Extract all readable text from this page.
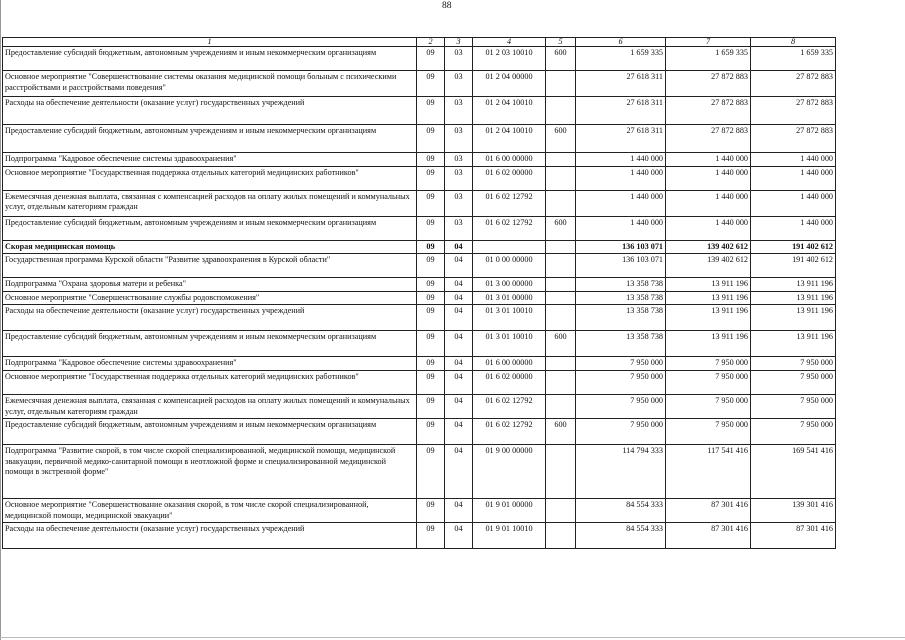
88
1	2	3	4	5	6	7	8
Предоставление субсидий бюджетным, автономным учреждениям и иным некоммерческим организациям	09	03	01 2 03 10010	600	1 659 335	1 659 335	1 659 335
Основное мероприятие "Совершенствование системы оказания медицинской помощи больным с психическими расстройствами и расстройствами поведения"	09	03	01 2 04 00000		27 618 311	27 872 883	27 872 883
Расходы на обеспечение деятельности (оказание услуг) государственных учреждений	09	03	01 2 04 10010		27 618 311	27 872 883	27 872 883
Предоставление субсидий бюджетным, автономным учреждениям и иным некоммерческим организациям	09	03	01 2 04 10010	600	27 618 311	27 872 883	27 872 883
Подпрограмма "Кадровое обеспечение системы здравоохранения"	09	03	01 6 00 00000		1 440 000	1 440 000	1 440 000
Основное мероприятие "Государственная поддержка отдельных категорий медицинских работников"	09	03	01 6 02 00000		1 440 000	1 440 000	1 440 000
Ежемесячная денежная выплата, связанная с компенсацией расходов на оплату жилых помещений и коммунальных услуг, отдельным категориям граждан	09	03	01 6 02 12792		1 440 000	1 440 000	1 440 000
Предоставление субсидий бюджетным, автономным учреждениям и иным некоммерческим организациям	09	03	01 6 02 12792	600	1 440 000	1 440 000	1 440 000
Скорая медицинская помощь	09	04			136 103 071	139 402 612	191 402 612
Государственная программа Курской области "Развитие здравоохранения в Курской области"	09	04	01 0 00 00000		136 103 071	139 402 612	191 402 612
Подпрограмма "Охрана здоровья матери и ребенка"	09	04	01 3 00 00000		13 358 738	13 911 196	13 911 196
Основное мероприятие "Совершенствование службы родовспоможения"	09	04	01 3 01 00000		13 358 738	13 911 196	13 911 196
Расходы на обеспечение деятельности (оказание услуг) государственных учреждений	09	04	01 3 01 10010		13 358 738	13 911 196	13 911 196
Предоставление субсидий бюджетным, автономным учреждениям и иным некоммерческим организациям	09	04	01 3 01 10010	600	13 358 738	13 911 196	13 911 196
Подпрограмма "Кадровое обеспечение системы здравоохранения"	09	04	01 6 00 00000		7 950 000	7 950 000	7 950 000
Основное мероприятие "Государственная поддержка отдельных категорий медицинских работников"	09	04	01 6 02 00000		7 950 000	7 950 000	7 950 000
Ежемесячная денежная выплата, связанная с компенсацией расходов на оплату жилых помещений и коммунальных услуг, отдельным категориям граждан	09	04	01 6 02 12792		7 950 000	7 950 000	7 950 000
Предоставление субсидий бюджетным, автономным учреждениям и иным некоммерческим организациям	09	04	01 6 02 12792	600	7 950 000	7 950 000	7 950 000
Подпрограмма "Развитие скорой, в том числе скорой специализированной, медицинской помощи, медицинской эвакуации, первичной медико-санитарной помощи в неотложной форме и специализированной медицинской помощи в экстренной форме"	09	04	01 9 00 00000		114 794 333	117 541 416	169 541 416
Основное мероприятие "Совершенствование оказания скорой, в том числе скорой специализированной, медицинской помощи, медицинской эвакуации"	09	04	01 9 01 00000		84 554 333	87 301 416	139 301 416
Расходы на обеспечение деятельности (оказание услуг) государственных учреждений	09	04	01 9 01 10010		84 554 333	87 301 416	87 301 416
